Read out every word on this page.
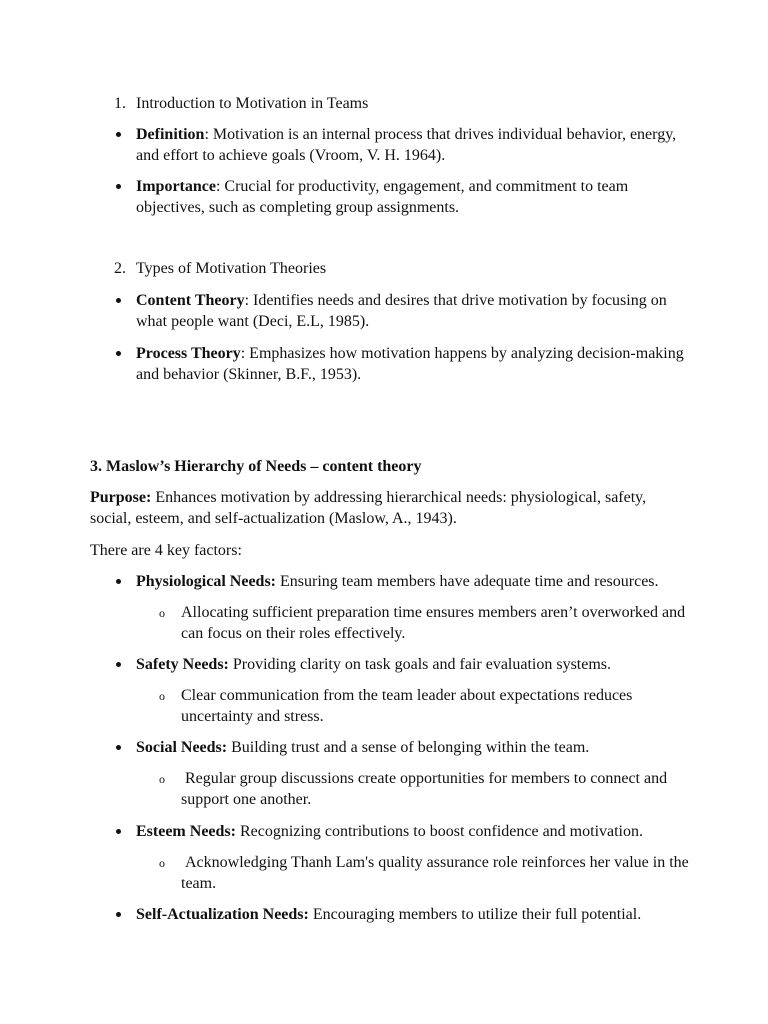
1. Introduction to Motivation in Teams
Definition: Motivation is an internal process that drives individual behavior, energy, and effort to achieve goals (Vroom, V. H. 1964).
Importance: Crucial for productivity, engagement, and commitment to team objectives, such as completing group assignments.
2. Types of Motivation Theories
Content Theory: Identifies needs and desires that drive motivation by focusing on what people want (Deci, E.L, 1985).
Process Theory: Emphasizes how motivation happens by analyzing decision-making and behavior (Skinner, B.F., 1953).
3. Maslow’s Hierarchy of Needs – content theory
Purpose: Enhances motivation by addressing hierarchical needs: physiological, safety, social, esteem, and self-actualization (Maslow, A., 1943).
There are 4 key factors:
Physiological Needs: Ensuring team members have adequate time and resources.
o Allocating sufficient preparation time ensures members aren’t overworked and can focus on their roles effectively.
Safety Needs: Providing clarity on task goals and fair evaluation systems.
o Clear communication from the team leader about expectations reduces uncertainty and stress.
Social Needs: Building trust and a sense of belonging within the team.
o Regular group discussions create opportunities for members to connect and support one another.
Esteem Needs: Recognizing contributions to boost confidence and motivation.
o Acknowledging Thanh Lam's quality assurance role reinforces her value in the team.
Self-Actualization Needs: Encouraging members to utilize their full potential.
